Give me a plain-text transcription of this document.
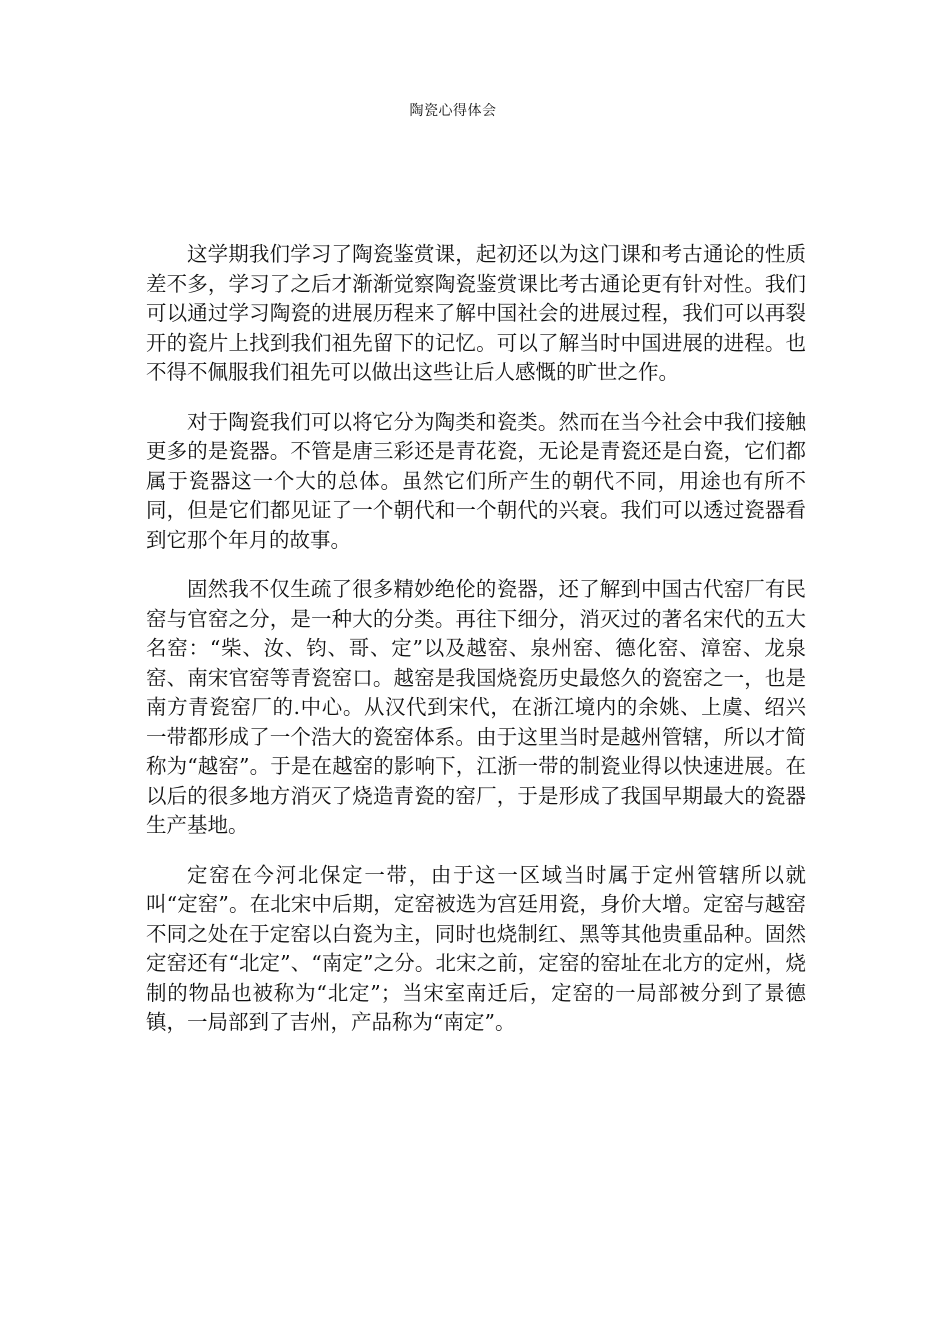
陶瓷心得体会

这学期我们学习了陶瓷鉴赏课，起初还以为这门课和考古通论的性质差不多，学习了之后才渐渐觉察陶瓷鉴赏课比考古通论更有针对性。我们可以通过学习陶瓷的进展历程来了解中国社会的进展过程，我们可以再裂开的瓷片上找到我们祖先留下的记忆。可以了解当时中国进展的进程。也不得不佩服我们祖先可以做出这些让后人感慨的旷世之作。

对于陶瓷我们可以将它分为陶类和瓷类。然而在当今社会中我们接触更多的是瓷器。不管是唐三彩还是青花瓷，无论是青瓷还是白瓷，它们都属于瓷器这一个大的总体。虽然它们所产生的朝代不同，用途也有所不同，但是它们都见证了一个朝代和一个朝代的兴衰。我们可以透过瓷器看到它那个年月的故事。

固然我不仅生疏了很多精妙绝伦的瓷器，还了解到中国古代窑厂有民窑与官窑之分，是一种大的分类。再往下细分，消灭过的著名宋代的五大名窑：“柴、汝、钧、哥、定”以及越窑、泉州窑、德化窑、漳窑、龙泉窑、南宋官窑等青瓷窑口。越窑是我国烧瓷历史最悠久的瓷窑之一，也是南方青瓷窑厂的.中心。从汉代到宋代，在浙江境内的余姚、上虞、绍兴一带都形成了一个浩大的瓷窑体系。由于这里当时是越州管辖，所以才简称为“越窑”。于是在越窑的影响下，江浙一带的制瓷业得以快速进展。在以后的很多地方消灭了烧造青瓷的窑厂，于是形成了我国早期最大的瓷器生产基地。

定窑在今河北保定一带，由于这一区域当时属于定州管辖所以就叫“定窑”。在北宋中后期，定窑被选为宫廷用瓷，身价大增。定窑与越窑不同之处在于定窑以白瓷为主，同时也烧制红、黑等其他贵重品种。固然定窑还有“北定”、“南定”之分。北宋之前，定窑的窑址在北方的定州，烧制的物品也被称为“北定”；当宋室南迁后，定窑的一局部被分到了景德镇，一局部到了吉州，产品称为“南定”。
